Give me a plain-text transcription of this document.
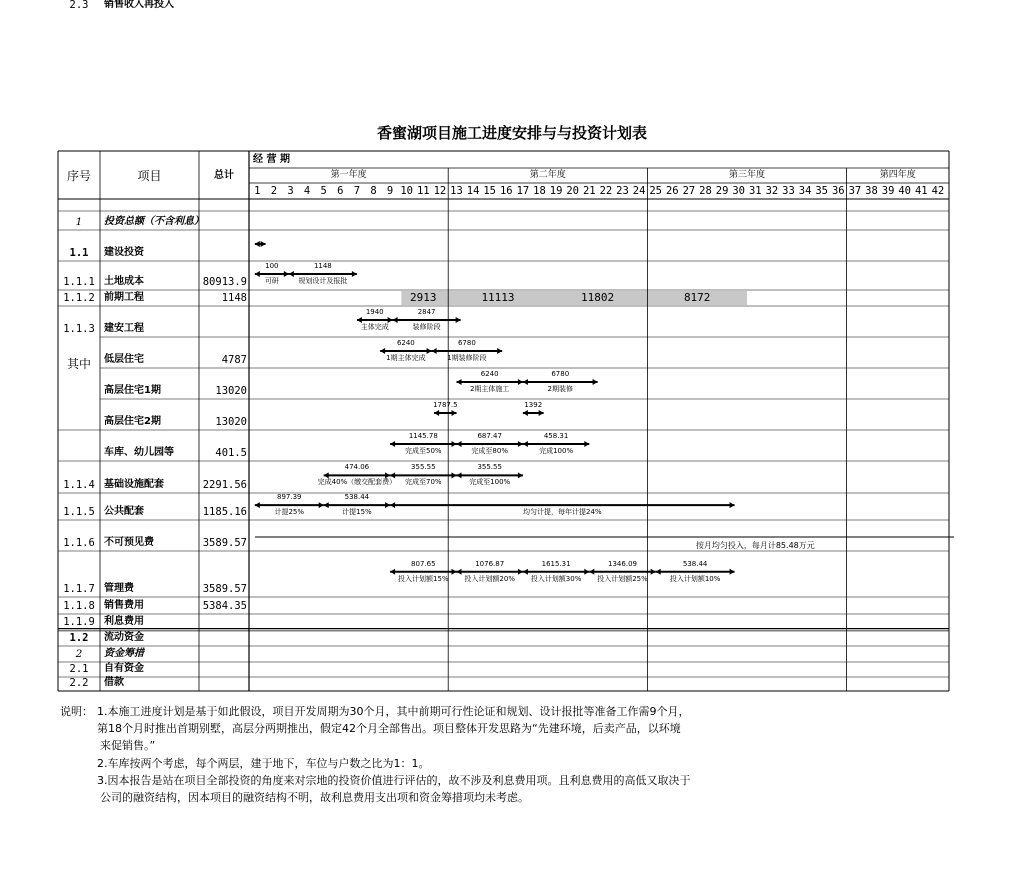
香蜜湖项目施工进度安排与与投资计划表
序号	项目	总计
经 营 期
第一年度	第二年度	第三年度	第四年度
1 2 3 4 5 6 7 8 9 10 11 12 13 14 15 16 17 18 19 20 21 22 23 24 25 26 27 28 29 30 31 32 33 34 35 36 37 38 39 40 41 42
1 投资总额（不含利息）
1.1 建设投资
1.1.1 土地成本	80913.9
1.1.2 前期工程	1148
1.1.3 建安工程
低层住宅	4787
高层住宅1期	13020
高层住宅2期	13020
车库、幼儿园等	401.5
1.1.4 基础设施配套	2291.56
1.1.5 公共配套	1185.16
1.1.6 不可预见费	3589.57
1.1.7 管理费	3589.57
1.1.8 销售费用	5384.35
1.1.9 利息费用
1.2 流动资金
2 资金筹措
2.1 自有资金
2.2 借款
2.3 销售收入再投入
其中
2913	11113	11802	8172
100
可研
1148
规划设计及报批
1940
主体完成
2847
装修阶段
6240
1期主体完成
6780
1期装修阶段
6240
2期主体施工
6780
2期装修
1787.5	1392
1145.78
完成至50%
687.47
完成至80%
458.31
完成100%
474.06
完成40%（缴交配套费）
355.55
完成至70%
355.55
完成至100%
897.39
计提25%
538.44
计提15%	均匀计提，每年计提24%
807.65
投入计划额15%
1076.87
投入计划额20%
1615.31
投入计划额30%
1346.09
投入计划额25%
538.44
投入计划额10%
按月均匀投入，每月计85.48万元
说明： 1.本施工进度计划是基于如此假设，项目开发周期为30个月，其中前期可行性论证和规划、设计报批等准备工作需9个月，
第18个月时推出首期别墅，高层分两期推出，假定42个月全部售出。项目整体开发思路为“先建环境，后卖产品，以环境
来促销售。”
2.车库按两个考虑，每个两层，建于地下，车位与户数之比为1：1。
3.因本报告是站在项目全部投资的角度来对宗地的投资价值进行评估的，故不涉及利息费用项。且利息费用的高低又取决于
公司的融资结构，因本项目的融资结构不明，故利息费用支出项和资金筹措项均未考虑。
